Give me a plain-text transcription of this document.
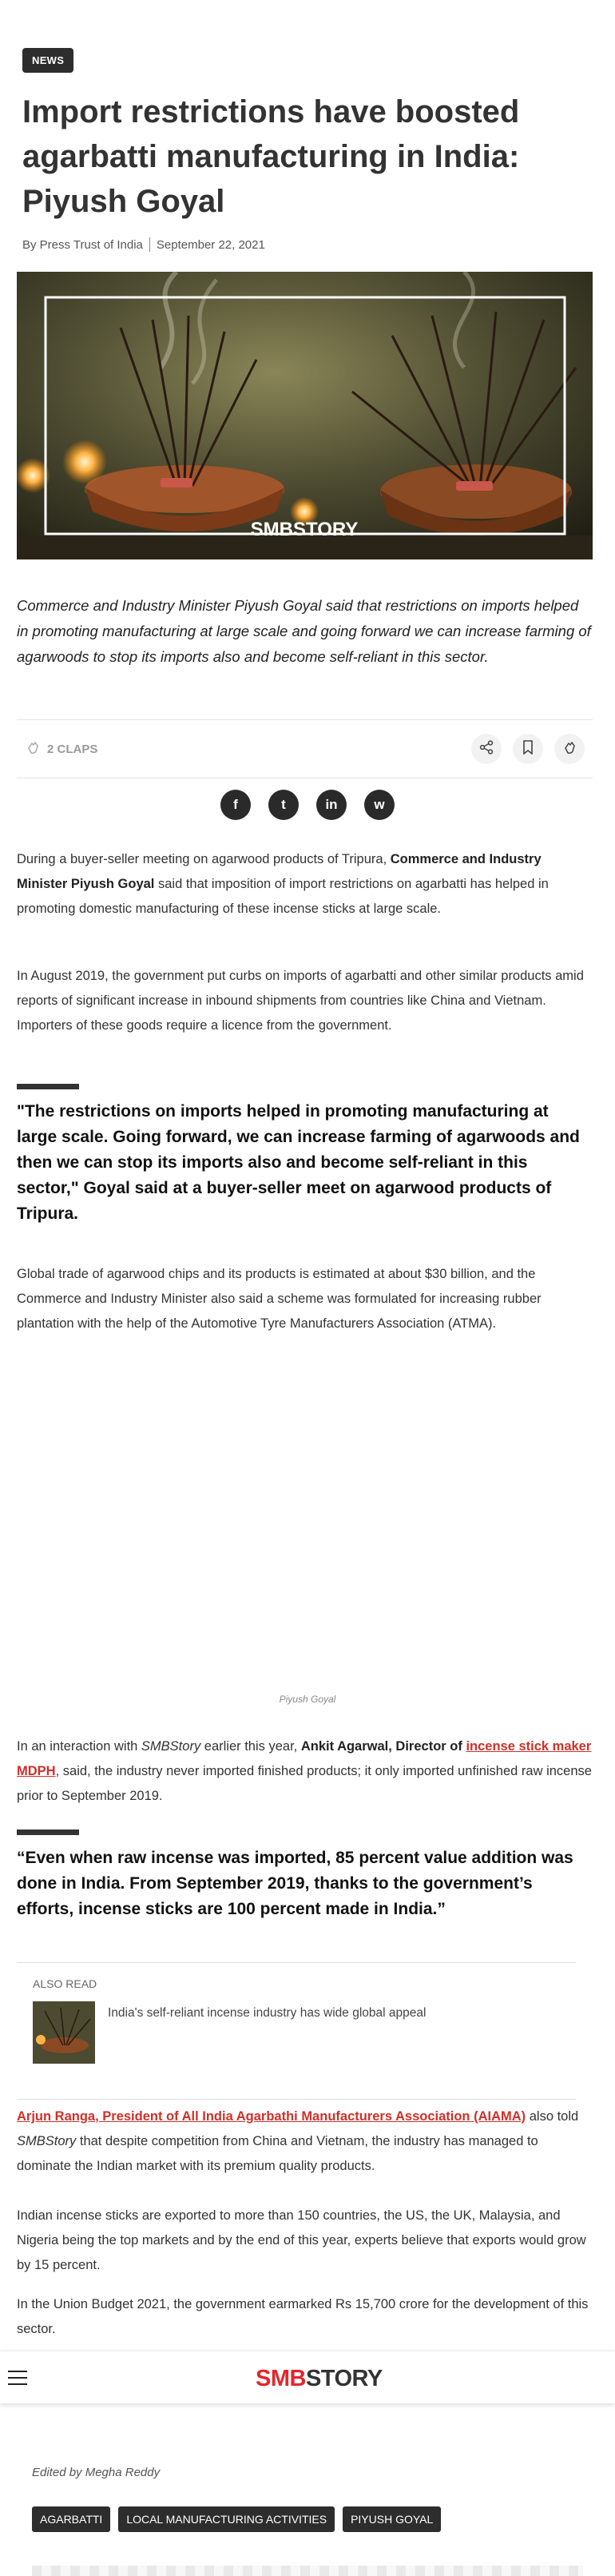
NEWS
Import restrictions have boosted agarbatti manufacturing in India: Piyush Goyal
By Press Trust of India September 22, 2021
SMBSTORY

Commerce and Industry Minister Piyush Goyal said that restrictions on imports helped in promoting manufacturing at large scale and going forward we can increase farming of agarwoods to stop its imports also and become self-reliant in this sector.

2 CLAPS
f	t	in	w

During a buyer-seller meeting on agarwood products of Tripura, Commerce and Industry Minister Piyush Goyal said that imposition of import restrictions on agarbatti has helped in promoting domestic manufacturing of these incense sticks at large scale.

In August 2019, the government put curbs on imports of agarbatti and other similar products amid reports of significant increase in inbound shipments from countries like China and Vietnam. Importers of these goods require a licence from the government.

"The restrictions on imports helped in promoting manufacturing at large scale. Going forward, we can increase farming of agarwoods and then we can stop its imports also and become self-reliant in this sector," Goyal said at a buyer-seller meet on agarwood products of Tripura.

Global trade of agarwood chips and its products is estimated at about $30 billion, and the Commerce and Industry Minister also said a scheme was formulated for increasing rubber plantation with the help of the Automotive Tyre Manufacturers Association (ATMA).

Piyush Goyal

In an interaction with SMBStory earlier this year, Ankit Agarwal, Director of incense stick maker MDPH, said, the industry never imported finished products; it only imported unfinished raw incense prior to September 2019.

“Even when raw incense was imported, 85 percent value addition was done in India. From September 2019, thanks to the government’s efforts, incense sticks are 100 percent made in India.”

ALSO READ
India's self-reliant incense industry has wide global appeal

Arjun Ranga, President of All India Agarbathi Manufacturers Association (AIAMA) also told SMBStory that despite competition from China and Vietnam, the industry has managed to dominate the Indian market with its premium quality products.

Indian incense sticks are exported to more than 150 countries, the US, the UK, Malaysia, and Nigeria being the top markets and by the end of this year, experts believe that exports would grow by 15 percent.

In the Union Budget 2021, the government earmarked Rs 15,700 crore for the development of this sector.

SMBSTORY
Edited by Megha Reddy
AGARBATTI	LOCAL MANUFACTURING ACTIVITIES	PIYUSH GOYAL
